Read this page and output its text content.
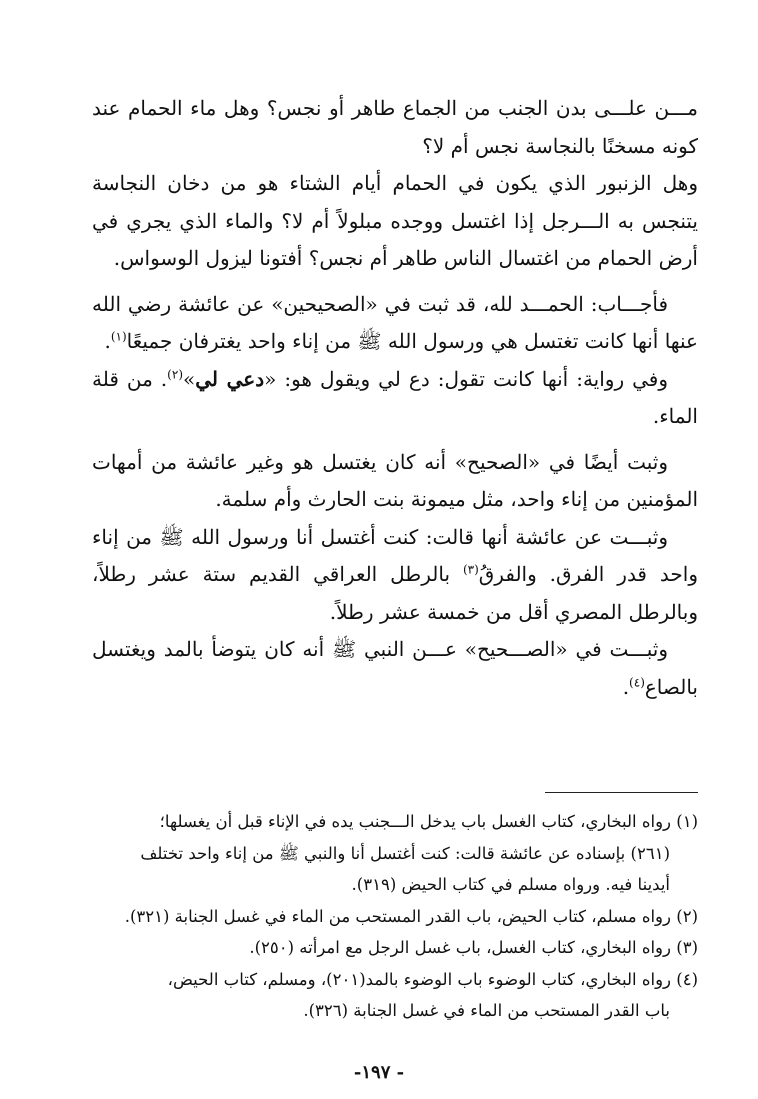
مـــن علـــى بدن الجنب من الجماع طاهر أو نجس؟ وهل ماء الحمام عند كونه مسخنًا بالنجاسة نجس أم لا؟

وهل الزنبور الذي يكون في الحمام أيام الشتاء هو من دخان النجاسة يتنجس به الـــرجل إذا اغتسل ووجده مبلولاً أم لا؟ والماء الذي يجري في أرض الحمام من اغتسال الناس طاهر أم نجس؟ أفتونا ليزول الوسواس.

فأجـــاب: الحمـــد لله، قد ثبت في «الصحيحين» عن عائشة رضي الله عنها أنها كانت تغتسل هي ورسول الله ﷺ من إناء واحد يغترفان جميعًا$^{(١)}$.

وفي رواية: أنها كانت تقول: دع لي ويقول هو: «دعي لي»$^{(٢)}$. من قلة الماء.

وثبت أيضًا في «الصحيح» أنه كان يغتسل هو وغير عائشة من أمهات المؤمنين من إناء واحد، مثل ميمونة بنت الحارث وأم سلمة.

وثبـــت عن عائشة أنها قالت: كنت أغتسل أنا ورسول الله ﷺ من إناء واحد قدر الفرق. والفرقُ$^{(٣)}$ بالرطل العراقي القديم ستة عشر رطلاً، وبالرطل المصري أقل من خمسة عشر رطلاً.

وثبـــت في «الصـــحيح» عـــن النبي ﷺ أنه كان يتوضأ بالمد ويغتسل بالصاع$^{(٤)}$.

(١) رواه البخاري، كتاب الغسل باب يدخل الـــجنب يده في الإناء قبل أن يغسلها؛

(٢٦١) بإسناده عن عائشة قالت: كنت أغتسل أنا والنبي ﷺ من إناء واحد تختلف

أيدينا فيه. ورواه مسلم في كتاب الحيض (٣١٩).

(٢) رواه مسلم، كتاب الحيض، باب القدر المستحب من الماء في غسل الجنابة (٣٢١).

(٣) رواه البخاري، كتاب الغسل، باب غسل الرجل مع امرأته (٢٥٠).

(٤) رواه البخاري، كتاب الوضوء باب الوضوء بالمد(٢٠١)، ومسلم، كتاب الحيض،

باب القدر المستحب من الماء في غسل الجنابة (٣٢٦).

- ١٩٧-
